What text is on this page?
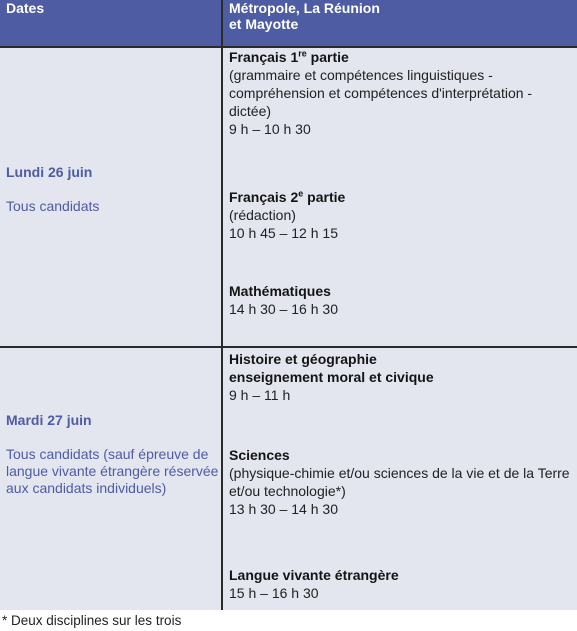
Dates	Métropole, La Réunion
et Mayotte
Lundi 26 juin
Tous candidats
Français 1re partie
(grammaire et compétences linguistiques - compréhension et compétences d'interprétation - dictée)
9 h – 10 h 30
Français 2e partie
(rédaction)
10 h 45 – 12 h 15
Mathématiques
14 h 30 – 16 h 30
Mardi 27 juin
Tous candidats (sauf épreuve de langue vivante étrangère réservée aux candidats individuels)
Histoire et géographie
enseignement moral et civique
9 h – 11 h
Sciences
(physique-chimie et/ou sciences de la vie et de la Terre et/ou technologie*)
13 h 30 – 14 h 30
Langue vivante étrangère
15 h – 16 h 30
* Deux disciplines sur les trois
